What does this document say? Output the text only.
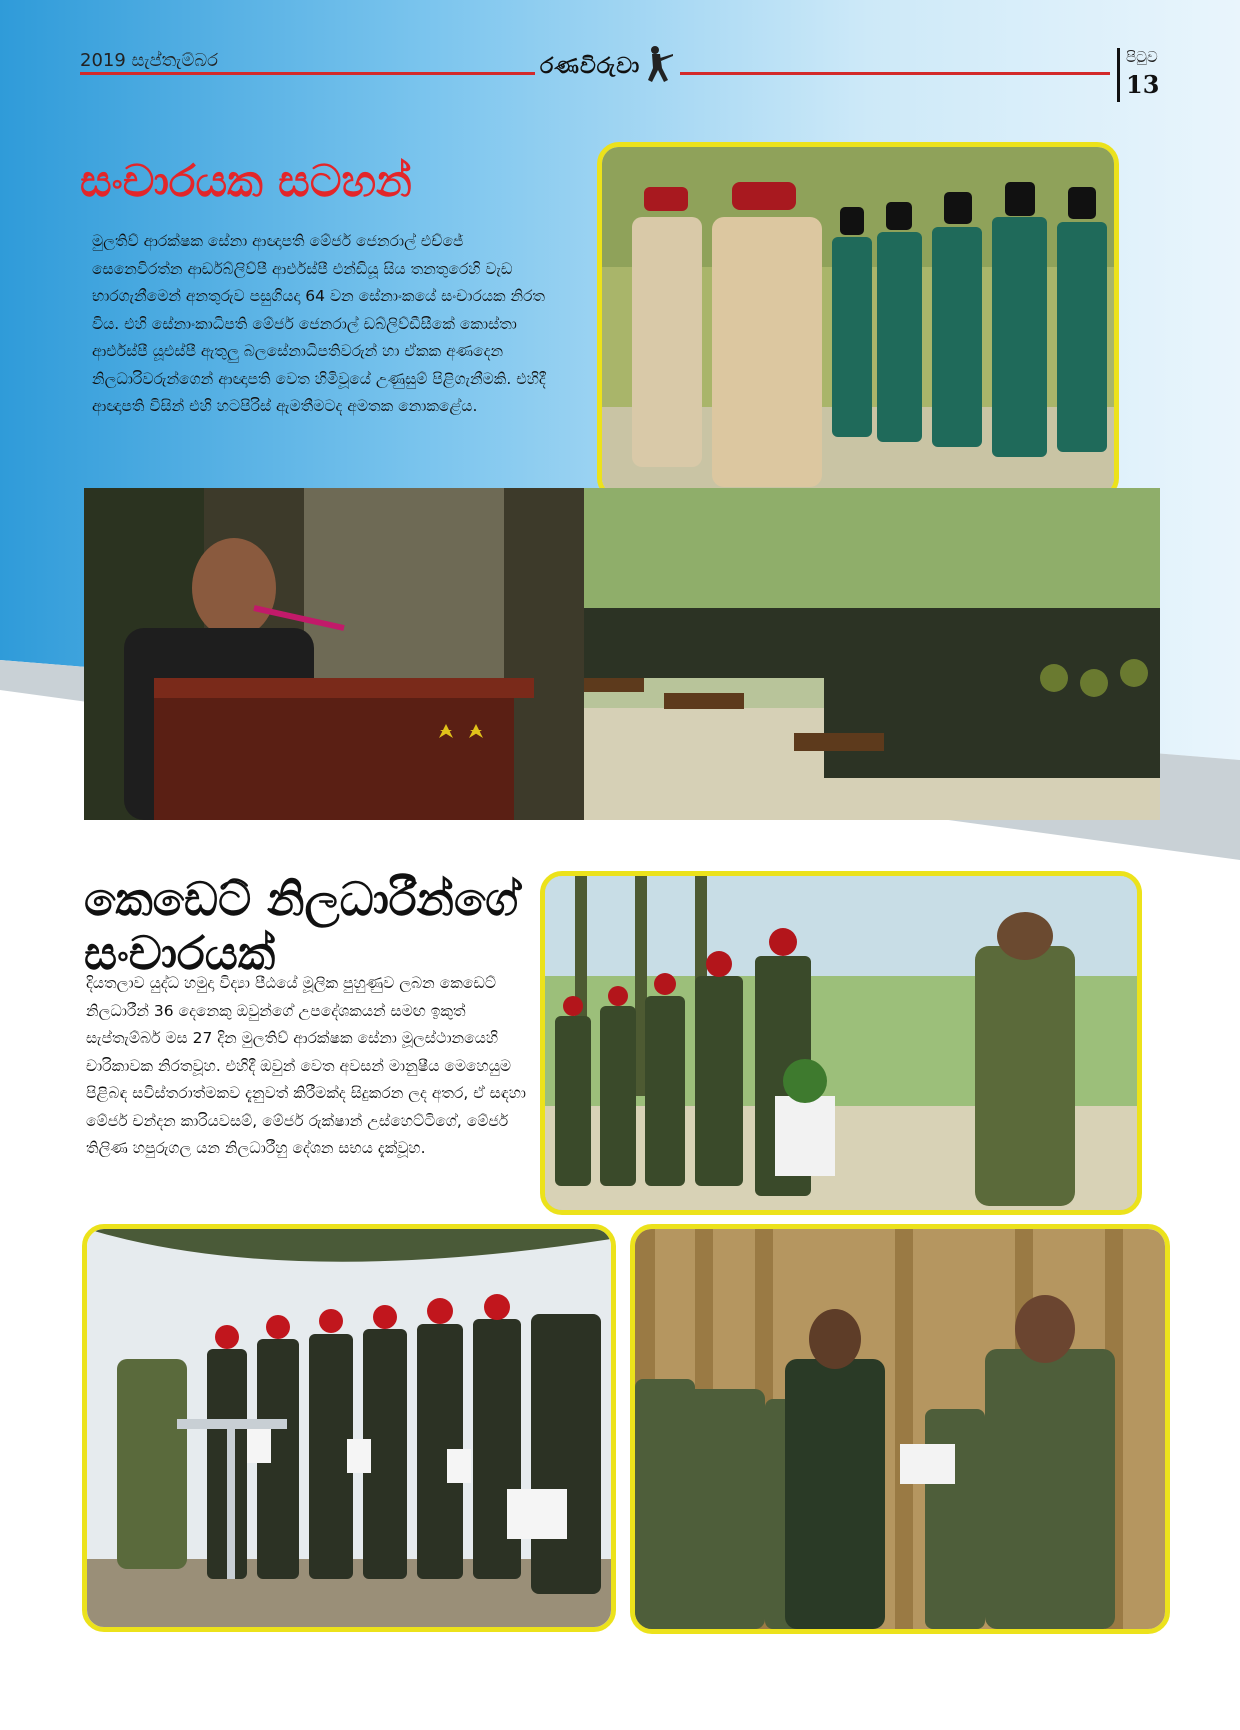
2019 සැප්තැම්බර	රණවිරුවා	පිටුව
13
සංචාරයක සටහන්
මුලතිව් ආරක්ෂක සේනා ආඥාපති මේජර් ජෙනරාල් එච්ජේ සෙනෙවිරත්න ආර්ඩබ්ලිව්පී ආර්එස්පී එන්ඩියූ සිය තනතුරෙහි වැඩ භාරගැනීමෙන් අනතුරුව පසුගියදා 64 වන සේනාංකයේ සංචාරයක නිරත විය. එහි සේනාංකාධිපති මේජර් ජෙනරාල් ඩබ්ලිව්ඩීසීකේ කොස්තා ආර්එස්පී යූඑස්පී ඇතුලු බලසේනාධිපතිවරුන් හා ඒකක අණදෙන නිලධාරිවරුන්ගෙන් ආඥාපති වෙත හිමිවූයේ උණුසුම් පිළිගැනීමකි. එහිදී ආඥාපති විසින් එහි හටපිරිස් ඇමතීමටද අමතක නොකළේය.
කෙඩෙට් නිලධාරීන්ගේ සංචාරයක්
දියතලාව යුද්ධ හමුදා විද්‍යා පීඨයේ මූලික පුහුණුව ලබන කෙඩෙට් නිලධාරීන් 36 දෙනෙකු ඔවුන්ගේ උපදේශකයන් සමඟ ඉකුත් සැප්තැම්බර් මස 27 දින මුලතිව් ආරක්ෂක සේනා මූලස්ථානයෙහි චාරිකාවක නිරතවූහ. එහිදී ඔවුන් වෙත අවසන් මානුෂීය මෙහෙයුම පිළිබඳ සවිස්තරාත්මකව දැනුවත් කිරීමක්ද සිදුකරන ලද අතර, ඒ සඳහා මේජර් චන්දන කාරියවසම්, මේජර් රුක්ෂාන් උස්හෙට්ටිගේ, මේජර් තිලිණ හපුරුගල යන නිලධාරීහු දේශන සභය දැක්වූහ.
